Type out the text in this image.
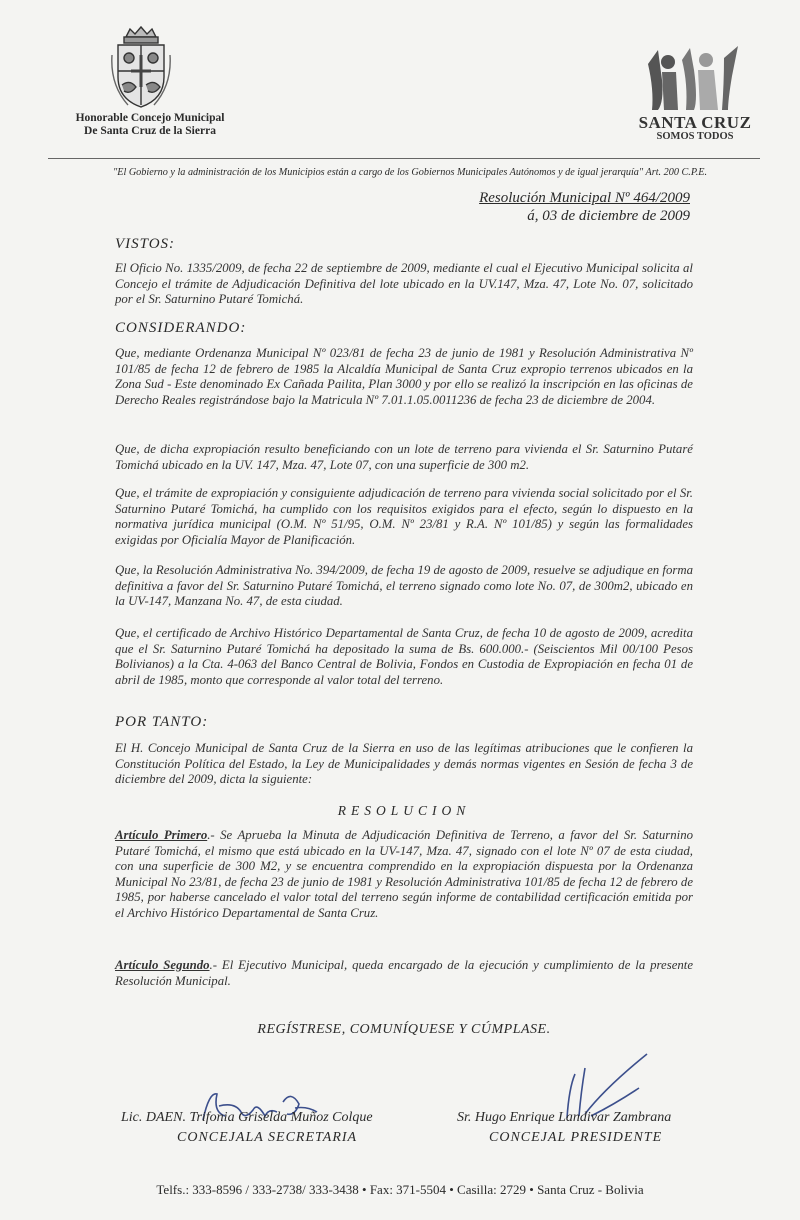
Honorable Concejo Municipal
De Santa Cruz de la Sierra	SANTA CRUZ
SOMOS TODOS
"El Gobierno y la administración de los Municipios están a cargo de los Gobiernos Municipales Autónomos y de igual jerarquía" Art. 200 C.P.E.
Resolución Municipal Nº 464/2009
á, 03 de diciembre de 2009
VISTOS:
El Oficio No. 1335/2009, de fecha 22 de septiembre de 2009, mediante el cual el Ejecutivo Municipal solicita al Concejo el trámite de Adjudicación Definitiva del lote ubicado en la UV.147, Mza. 47, Lote No. 07, solicitado por el Sr. Saturnino Putaré Tomichá.
CONSIDERANDO:
Que, mediante Ordenanza Municipal Nº 023/81 de fecha 23 de junio de 1981 y Resolución Administrativa Nº 101/85 de fecha 12 de febrero de 1985 la Alcaldía Municipal de Santa Cruz expropio terrenos ubicados en la Zona Sud - Este denominado Ex Cañada Pailita, Plan 3000 y por ello se realizó la inscripción en las oficinas de Derecho Reales registrándose bajo la Matricula Nº 7.01.1.05.0011236 de fecha 23 de diciembre de 2004.
Que, de dicha expropiación resulto beneficiando con un lote de terreno para vivienda el Sr. Saturnino Putaré Tomichá ubicado en la UV. 147, Mza. 47, Lote 07, con una superficie de 300 m2.
Que, el trámite de expropiación y consiguiente adjudicación de terreno para vivienda social solicitado por el Sr. Saturnino Putaré Tomichá, ha cumplido con los requisitos exigidos para el efecto, según lo dispuesto en la normativa jurídica municipal (O.M. Nº 51/95, O.M. Nº 23/81 y R.A. Nº 101/85) y según las formalidades exigidas por Oficialía Mayor de Planificación.
Que, la Resolución Administrativa No. 394/2009, de fecha 19 de agosto de 2009, resuelve se adjudique en forma definitiva a favor del Sr. Saturnino Putaré Tomichá, el terreno signado como lote No. 07, de 300m2, ubicado en la UV-147, Manzana No. 47, de esta ciudad.
Que, el certificado de Archivo Histórico Departamental de Santa Cruz, de fecha 10 de agosto de 2009, acredita que el Sr. Saturnino Putaré Tomichá ha depositado la suma de Bs. 600.000.- (Seiscientos Mil 00/100 Pesos Bolivianos) a la Cta. 4-063 del Banco Central de Bolivia, Fondos en Custodia de Expropiación en fecha 01 de abril de 1985, monto que corresponde al valor total del terreno.
POR TANTO:
El H. Concejo Municipal de Santa Cruz de la Sierra en uso de las legítimas atribuciones que le confieren la Constitución Política del Estado, la Ley de Municipalidades y demás normas vigentes en Sesión de fecha 3 de diciembre del 2009, dicta la siguiente:
RESOLUCION
Artículo Primero.- Se Aprueba la Minuta de Adjudicación Definitiva de Terreno, a favor del Sr. Saturnino Putaré Tomichá, el mismo que está ubicado en la UV-147, Mza. 47, signado con el lote Nº 07 de esta ciudad, con una superficie de 300 M2, y se encuentra comprendido en la expropiación dispuesta por la Ordenanza Municipal No 23/81, de fecha 23 de junio de 1981 y Resolución Administrativa 101/85 de fecha 12 de febrero de 1985, por haberse cancelado el valor total del terreno según informe de contabilidad certificación emitida por el Archivo Histórico Departamental de Santa Cruz.
Artículo Segundo.- El Ejecutivo Municipal, queda encargado de la ejecución y cumplimiento de la presente Resolución Municipal.
REGÍSTRESE, COMUNÍQUESE Y CÚMPLASE.
Lic. DAEN. Trifonia Griselda Muñoz Colque
CONCEJALA SECRETARIA
Sr. Hugo Enrique Landivar Zambrana
CONCEJAL PRESIDENTE
Telfs.: 333-8596 / 333-2738/ 333-3438 • Fax: 371-5504 • Casilla: 2729 • Santa Cruz - Bolivia
